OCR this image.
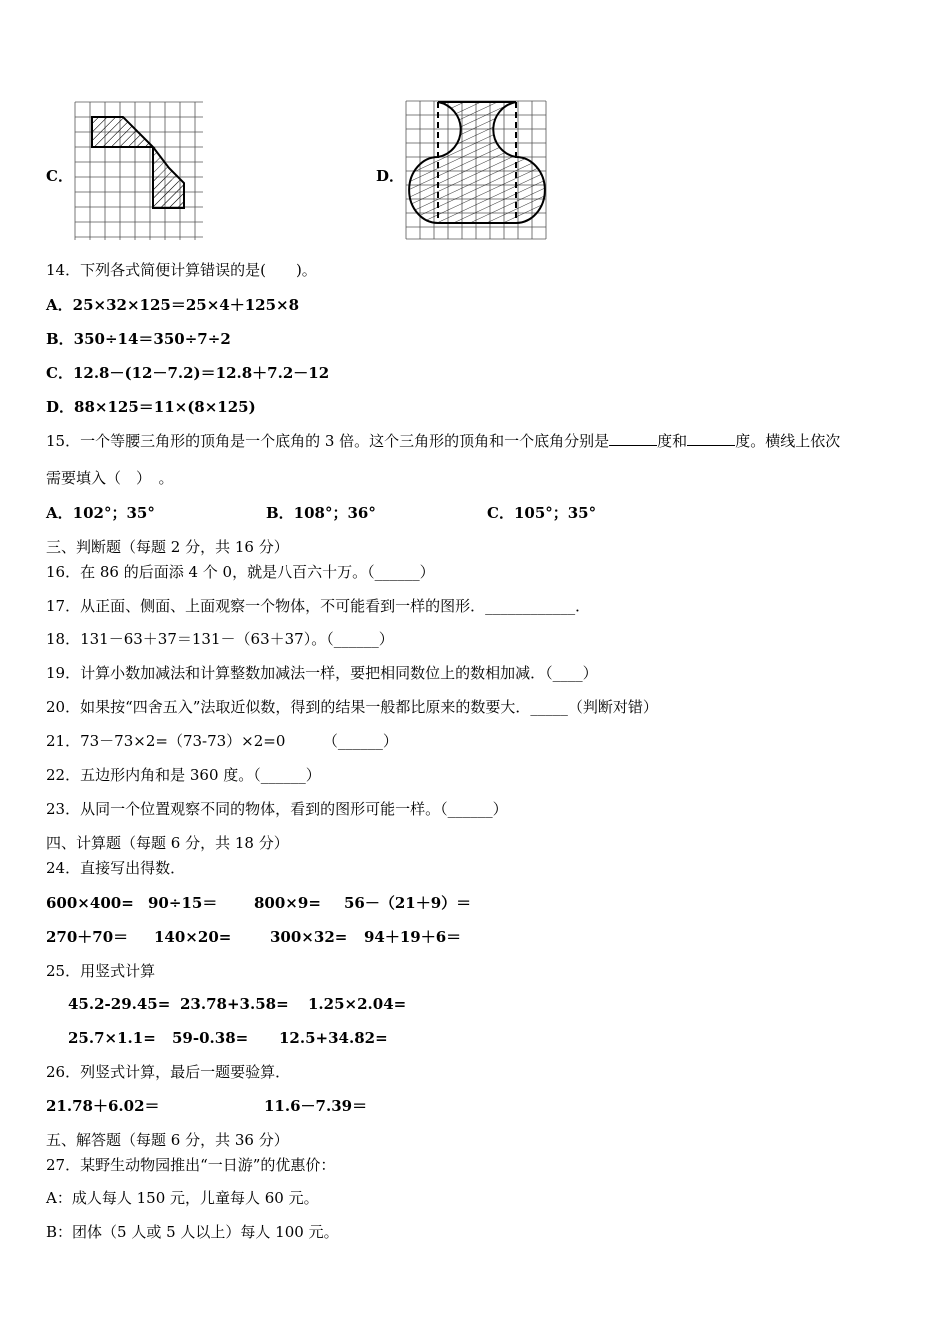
C．	D．
14．下列各式简便计算错误的是(　　)。
A．25×32×125＝25×4＋125×8
B．350÷14＝350÷7÷2
C．12.8－(12－7.2)＝12.8＋7.2－12
D．88×125＝11×(8×125)
15．一个等腰三角形的顶角是一个底角的 3 倍。这个三角形的顶角和一个底角分别是	度和	度。横线上依次
需要填入（　）　。
A．102°；35°	B．108°；36°	C．105°；35°
三、判断题（每题 2 分，共 16 分）
16．在 86 的后面添 4 个 0，就是八百六十万。（______）
17．从正面、侧面、上面观察一个物体，不可能看到一样的图形．____________．
18．131－63＋37＝131－（63＋37）。（______）
19．计算小数加减法和计算整数加减法一样，要把相同数位上的数相加减．（____）
20．如果按“四舍五入”法取近似数，得到的结果一般都比原来的数要大．_____（判断对错）
21．73－73×2=（73-73）×2=0　　　（______）
22．五边形内角和是 360 度。（______）
23．从同一个位置观察不同的物体，看到的图形可能一样。（______）
四、计算题（每题 6 分，共 18 分）
24．直接写出得数．
600×400= 90÷15＝ 800×9= 56－（21＋9）＝
270＋70＝ 140×20=	300×32= 94＋19＋6＝
25．用竖式计算
45.2-29.45= 23.78+3.58= 1.25×2.04=
25.7×1.1= 59-0.38= 12.5+34.82=
26．列竖式计算，最后一题要验算．
21.78＋6.02＝	11.6－7.39＝
五、解答题（每题 6 分，共 36 分）
27．某野生动物园推出“一日游”的优惠价：
A：成人每人 150 元，儿童每人 60 元。
B：团体（5 人或 5 人以上）每人 100 元。
